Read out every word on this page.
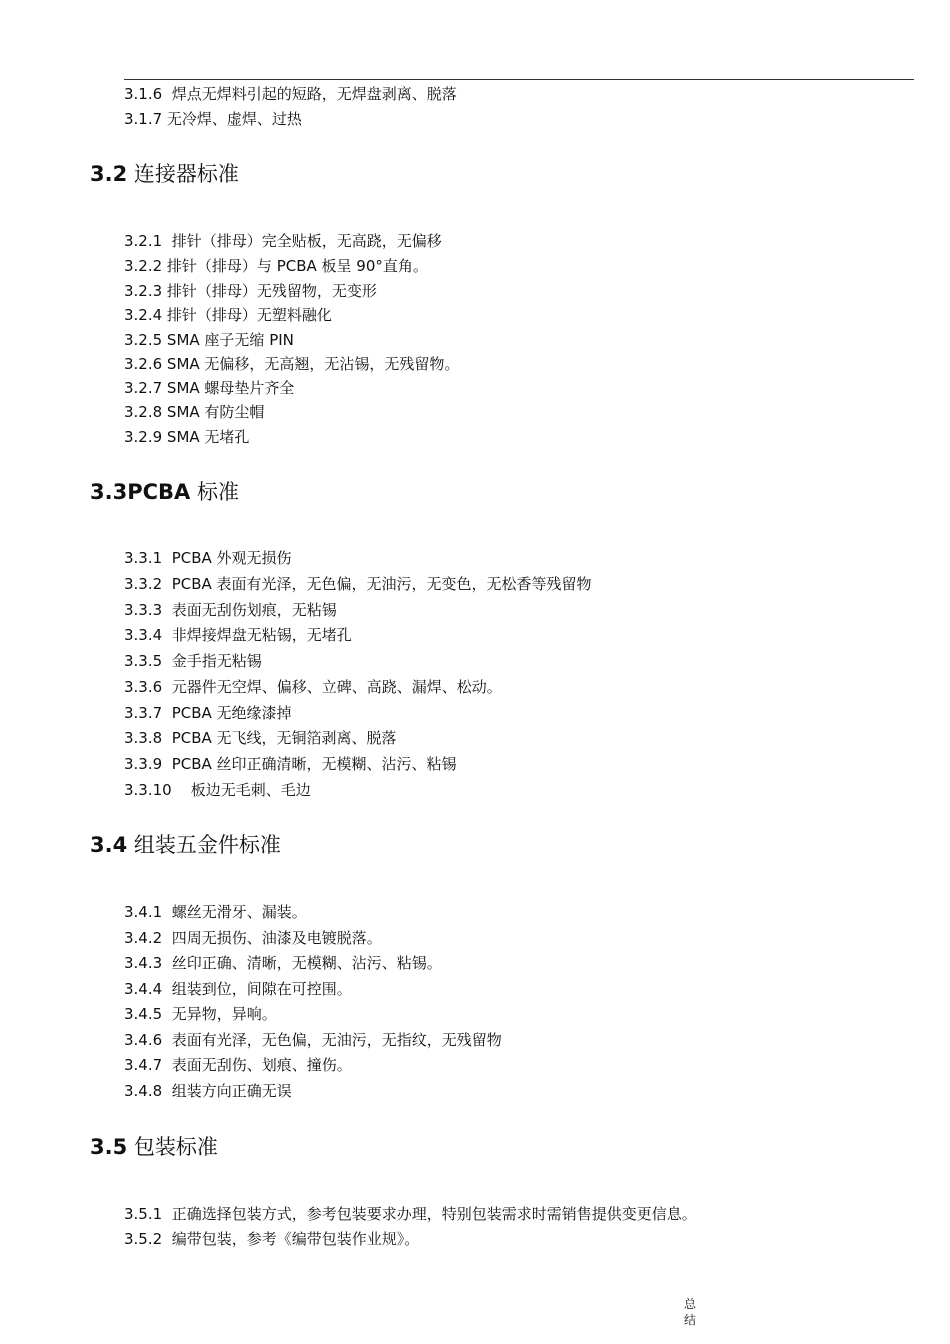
3.1.6  焊点无焊料引起的短路，无焊盘剥离、脱落
3.1.7 无冷焊、虚焊、过热
3.2 连接器标准
3.2.1  排针（排母）完全贴板，无高跷，无偏移
3.2.2 排针（排母）与 PCBA 板呈 90°直角。
3.2.3 排针（排母）无残留物，无变形
3.2.4 排针（排母）无塑料融化
3.2.5 SMA 座子无缩 PIN
3.2.6 SMA 无偏移，无高翘，无沾锡，无残留物。
3.2.7 SMA 螺母垫片齐全
3.2.8 SMA 有防尘帽
3.2.9 SMA 无堵孔
3.3PCBA 标准
3.3.1  PCBA 外观无损伤
3.3.2  PCBA 表面有光泽，无色偏，无油污，无变色，无松香等残留物
3.3.3  表面无刮伤划痕，无粘锡
3.3.4  非焊接焊盘无粘锡，无堵孔
3.3.5  金手指无粘锡
3.3.6  元器件无空焊、偏移、立碑、高跷、漏焊、松动。
3.3.7  PCBA 无绝缘漆掉
3.3.8  PCBA 无飞线，无铜箔剥离、脱落
3.3.9  PCBA 丝印正确清晰，无模糊、沾污、粘锡
3.3.10    板边无毛刺、毛边
3.4 组装五金件标准
3.4.1  螺丝无滑牙、漏装。
3.4.2  四周无损伤、油漆及电镀脱落。
3.4.3  丝印正确、清晰，无模糊、沾污、粘锡。
3.4.4  组装到位，间隙在可控围。
3.4.5  无异物，异响。
3.4.6  表面有光泽，无色偏，无油污，无指纹，无残留物
3.4.7  表面无刮伤、划痕、撞伤。
3.4.8  组装方向正确无误
3.5 包装标准
3.5.1  正确选择包装方式，参考包装要求办理，特别包装需求时需销售提供变更信息。
3.5.2  编带包装，参考《编带包装作业规》。
总
结
